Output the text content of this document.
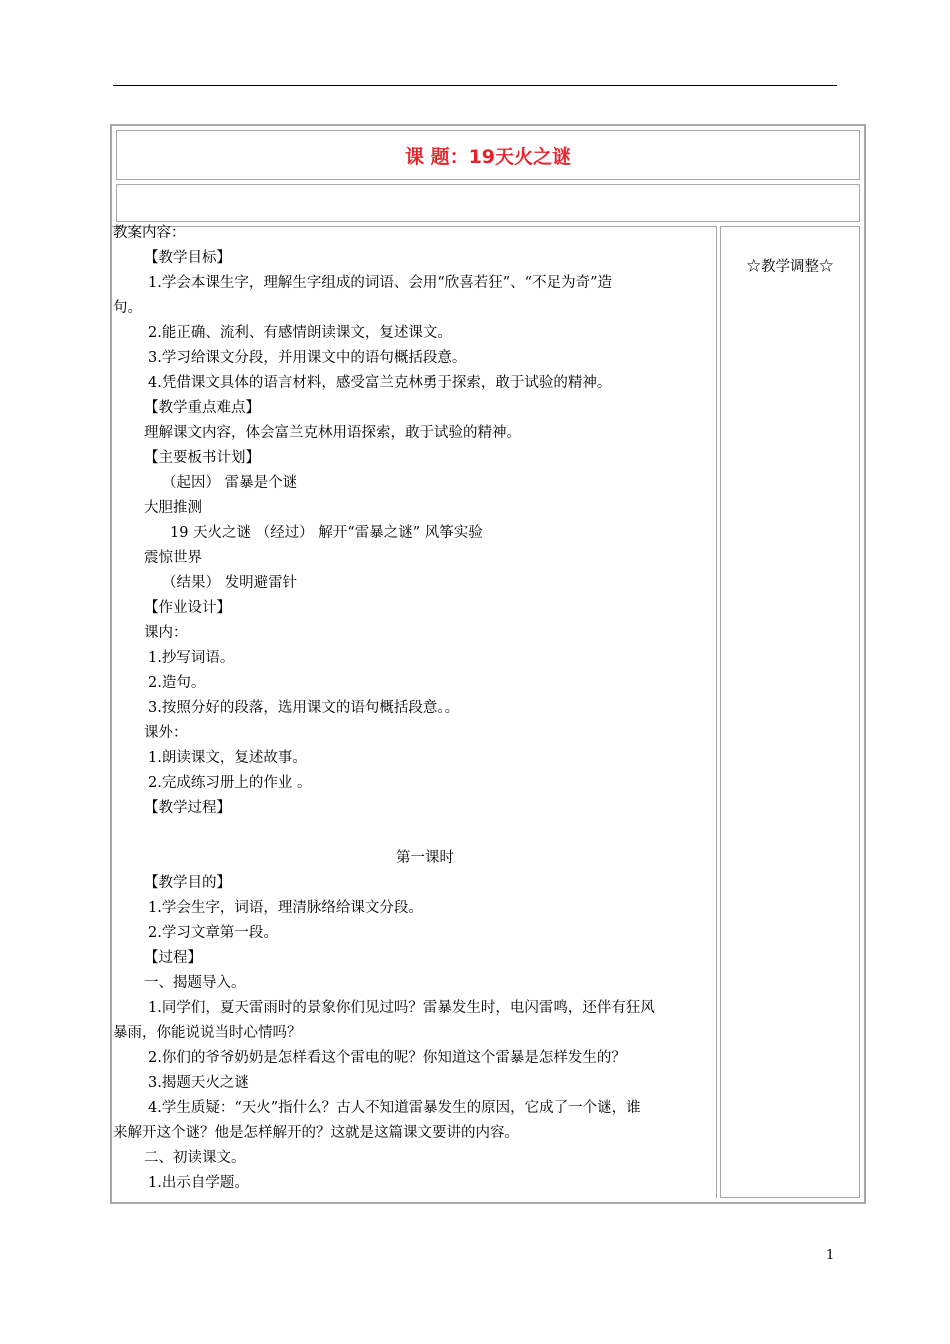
课 题：19天火之谜
☆教学调整☆
教案内容：
【教学目标】
1.学会本课生字，理解生字组成的词语、会用“欣喜若狂”、“不足为奇”造
句。
2.能正确、流利、有感情朗读课文，复述课文。
3.学习给课文分段，并用课文中的语句概括段意。
4.凭借课文具体的语言材料，感受富兰克林勇于探索，敢于试验的精神。
【教学重点难点】
理解课文内容，体会富兰克林用语探索，敢于试验的精神。
【主要板书计划】
（起因） 雷暴是个谜
大胆推测
19 天火之谜 （经过） 解开“雷暴之谜” 风筝实验
震惊世界
（结果） 发明避雷针
【作业设计】
课内：
1.抄写词语。
2.造句。
3.按照分好的段落，选用课文的语句概括段意。。
课外：
1.朗读课文，复述故事。
2.完成练习册上的作业 。
【教学过程】
第一课时
【教学目的】
1.学会生字，词语，理清脉络给课文分段。
2.学习文章第一段。
【过程】
一、揭题导入。
1.同学们，夏天雷雨时的景象你们见过吗？雷暴发生时，电闪雷鸣，还伴有狂风
暴雨，你能说说当时心情吗？
2.你们的爷爷奶奶是怎样看这个雷电的呢？你知道这个雷暴是怎样发生的？
3.揭题天火之谜
4.学生质疑：“天火”指什么？古人不知道雷暴发生的原因，它成了一个谜，谁
来解开这个谜？他是怎样解开的？这就是这篇课文要讲的内容。
二、初读课文。
1.出示自学题。
1
